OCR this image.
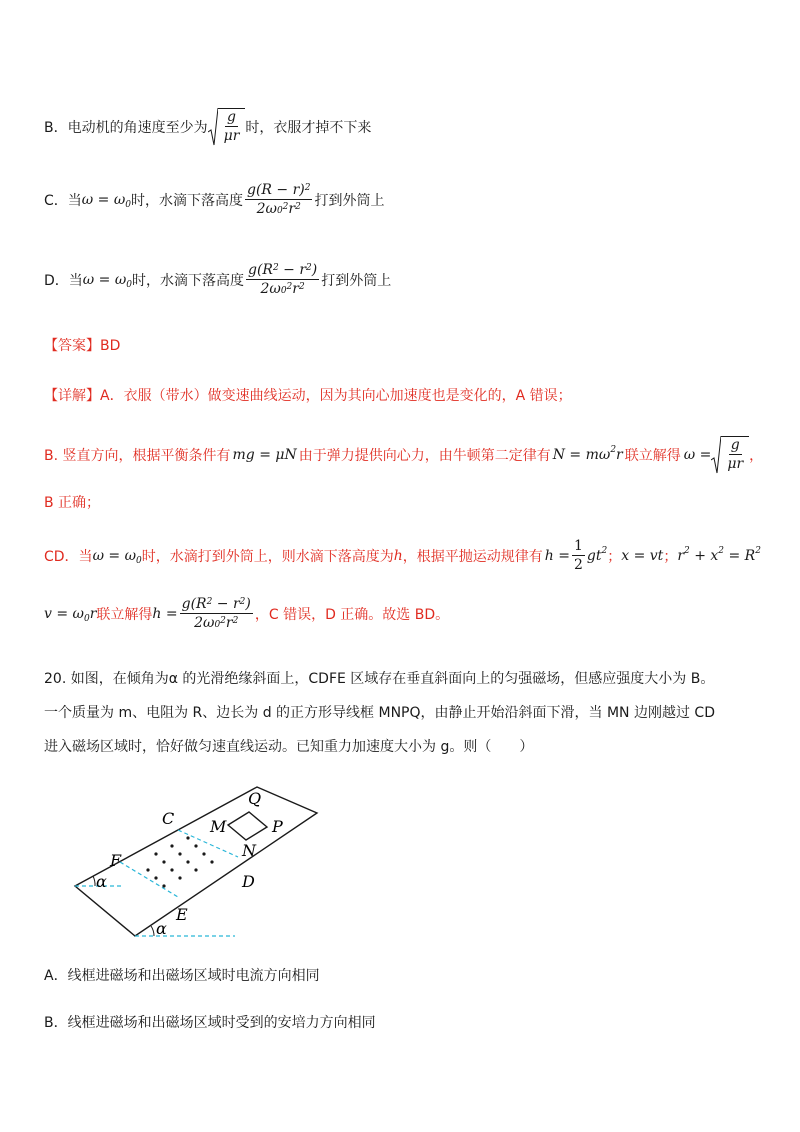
B． 电动机的角速度至少为 $\frac{g}{\mu r}$ 时，衣服才掉不下来
C． 当 $\omega = \omega_0$ 时，水滴下落高度 $\frac{g(R - r)^2}{2\omega_0^2r^2}$ 打到外筒上
D． 当 $\omega = \omega_0$ 时，水滴下落高度 $\frac{g(R^2 - r^2)}{2\omega_0^2r^2}$ 打到外筒上
【答案】BD
【详解】A．衣服（带水）做变速曲线运动，因为其向心加速度也是变化的，A 错误；
B. 竖直方向，根据平衡条件有 mg = μN 由于弹力提供向心力，由牛顿第二定律有 $N = m\omega^2r$ 联立解得 $\omega = \frac{g}{\mu r}$ ，
B 正确；
CD．当 $\omega = \omega_0$ 时，水滴打到外筒上，则水滴下落高度为 h ，根据平抛运动规律有 $h = \frac{1}{2} gt^2$ ； x = vt ； $r^2 + x^2 = R^2$
$v = \omega_0r$ 联立解得 $h = \frac{g(R^2 - r^2)}{2\omega_0^2r^2}$ ，C 错误，D 正确。故选 BD。
20. 如图，在倾角为α 的光滑绝缘斜面上，CDFE 区域存在垂直斜面向上的匀强磁场，但感应强度大小为 B。
一个质量为 m、电阻为 R、边长为 d 的正方形导线框 MNPQ，由静止开始沿斜面下滑，当 MN 边刚越过 CD
进入磁场区域时，恰好做匀速直线运动。已知重力加速度大小为 g。则（　　）
C
D
E
F
M
N
P
Q
α
α
A．线框进磁场和出磁场区域时电流方向相同
B．线框进磁场和出磁场区域时受到的安培力方向相同
